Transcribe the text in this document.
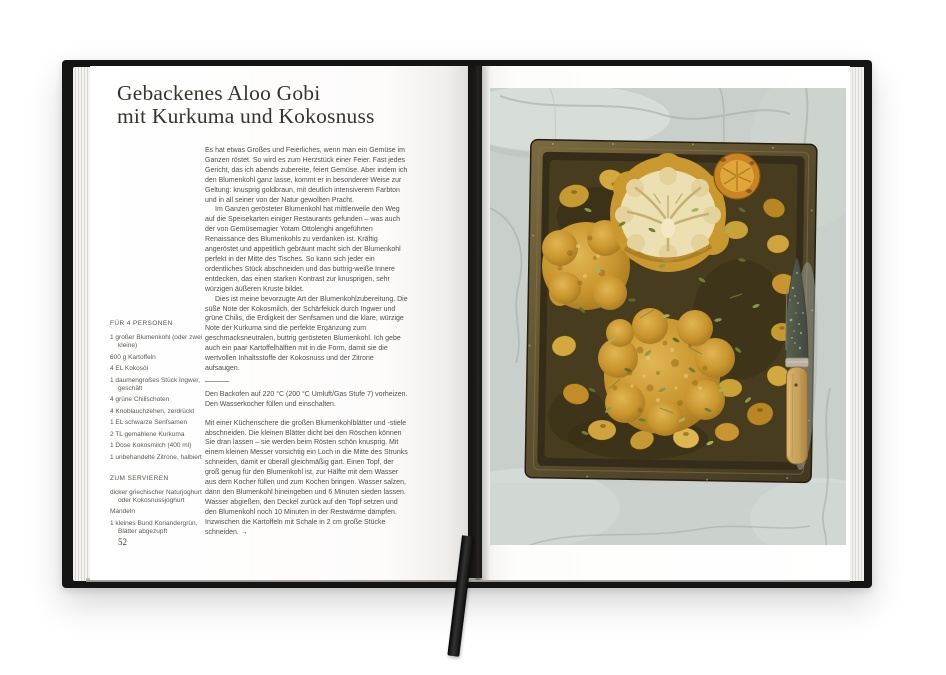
Gebackenes Aloo Gobi
mit Kurkuma und Kokosnuss
FÜR 4 PERSONEN
1 großer Blumenkohl (oder zwei kleine)
600 g Kartoffeln
4 EL Kokosöl
1 daumengroßes Stück Ingwer, geschält
4 grüne Chilischoten
4 Knoblauchzehen, zerdrückt
1 EL schwarze Senfsamen
2 TL gemahlene Kurkuma
1 Dose Kokosmilch (400 ml)
1 unbehandelte Zitrone, halbiert
ZUM SERVIEREN
dicker griechischer Naturjoghurt oder Kokosnussjoghurt
Mandeln
1 kleines Bund Koriandergrün, Blätter abgezupft

Es hat etwas Großes und Feierliches, wenn man ein Gemüse im Ganzen röstet. So wird es zum Herzstück einer Feier. Fast jedes Gericht, das ich abends zubereite, feiert Gemüse. Aber indem ich den Blumenkohl ganz lasse, kommt er in besonderer Weise zur Geltung: knusprig goldbraun, mit deutlich intensiverem Farbton und in all seiner von der Natur gewollten Pracht.

Im Ganzen gerösteter Blumenkohl hat mittlerweile den Weg auf die Speisekarten einiger Restaurants gefunden – was auch der von Gemüsemagier Yotam Ottolenghi angeführten Renaissance des Blumenkohls zu verdanken ist. Kräftig angeröstet und appetitlich gebräunt macht sich der Blumenkohl perfekt in der Mitte des Tisches. So kann sich jeder ein ordentliches Stück abschneiden und das buttrig-weiße Innere entdecken, das einen starken Kontrast zur knusprigen, sehr würzigen äußeren Kruste bildet.

Dies ist meine bevorzugte Art der Blumenkohlzubereitung. Die süße Note der Kokosmilch, der Schärfekick durch Ingwer und grüne Chilis, die Erdigkeit der Senfsamen und die klare, würzige Note der Kurkuma sind die perfekte Ergänzung zum geschmacksneutralen, buttrig gerösteten Blumenkohl. Ich gebe auch ein paar Kartoffelhälften mit in die Form, damit sie die wertvollen Inhaltsstoffe der Kokosnuss und der Zitrone aufsaugen.

Den Backofen auf 220 °C (200 °C Umluft/Gas Stufe 7) vorheizen. Den Wasserkocher füllen und einschalten.

Mit einer Küchenschere die großen Blumenkohlblätter und -stiele abschneiden. Die kleinen Blätter dicht bei den Röschen können Sie dran lassen – sie werden beim Rösten schön knusprig. Mit einem kleinen Messer vorsichtig ein Loch in die Mitte des Strunks schneiden, damit er überall gleichmäßig gart. Einen Topf, der groß genug für den Blumenkohl ist, zur Hälfte mit dem Wasser aus dem Kocher füllen und zum Kochen bringen. Wasser salzen, dann den Blumenkohl hineingeben und 6 Minuten sieden lassen. Wasser abgießen, den Deckel zurück auf den Topf setzen und den Blumenkohl noch 10 Minuten in der Restwärme dämpfen. Inzwischen die Kartoffeln mit Schale in 2 cm große Stücke schneiden. →

52
